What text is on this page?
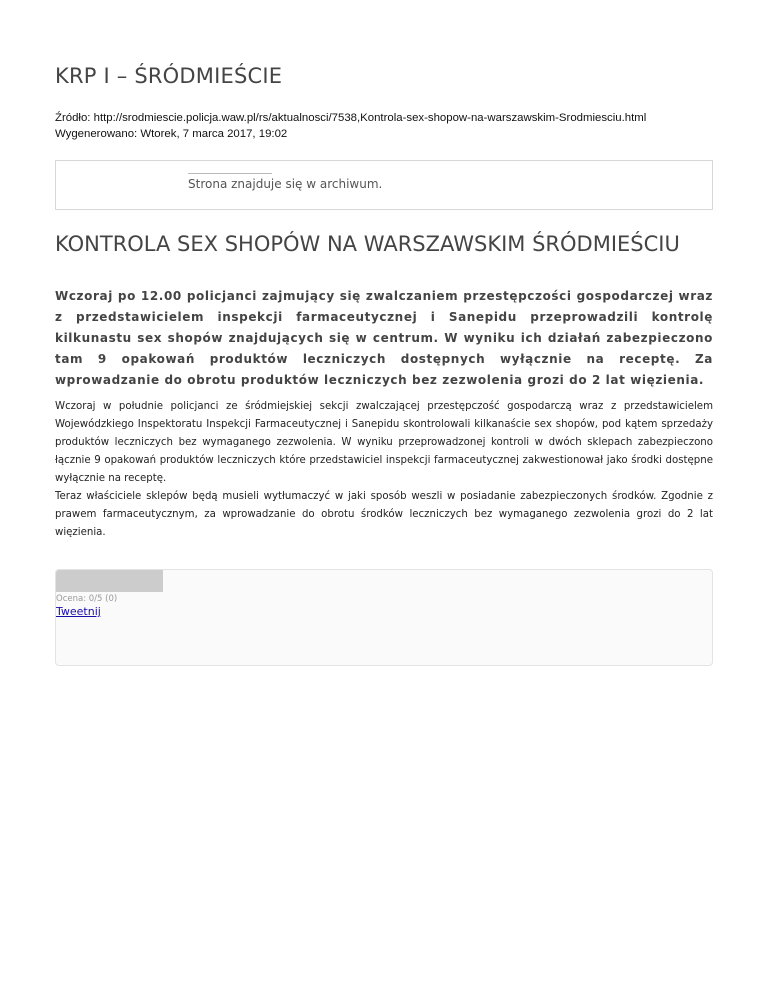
KRP I – ŚRÓDMIEŚCIE
Źródło: http://srodmiescie.policja.waw.pl/rs/aktualnosci/7538,Kontrola-sex-shopow-na-warszawskim-Srodmiesciu.html
Wygenerowano: Wtorek, 7 marca 2017, 19:02
Strona znajduje się w archiwum.
KONTROLA SEX SHOPÓW NA WARSZAWSKIM ŚRÓDMIEŚCIU

Wczoraj po 12.00 policjanci zajmujący się zwalczaniem przestępczości gospodarczej wraz z przedstawicielem inspekcji farmaceutycznej i Sanepidu przeprowadzili kontrolę kilkunastu sex shopów znajdujących się w centrum. W wyniku ich działań zabezpieczono tam 9 opakowań produktów leczniczych dostępnych wyłącznie na receptę. Za wprowadzanie do obrotu produktów leczniczych bez zezwolenia grozi do 2 lat więzienia.

Wczoraj w południe policjanci ze śródmiejskiej sekcji zwalczającej przestępczość gospodarczą wraz z przedstawicielem Wojewódzkiego Inspektoratu Inspekcji Farmaceutycznej i Sanepidu skontrolowali kilkanaście sex shopów, pod kątem sprzedaży produktów leczniczych bez wymaganego zezwolenia. W wyniku przeprowadzonej kontroli w dwóch sklepach zabezpieczono łącznie 9 opakowań produktów leczniczych które przedstawiciel inspekcji farmaceutycznej zakwestionował jako środki dostępne wyłącznie na receptę.

Teraz właściciele sklepów będą musieli wytłumaczyć w jaki sposób weszli w posiadanie zabezpieczonych środków. Zgodnie z prawem farmaceutycznym, za wprowadzanie do obrotu środków leczniczych bez wymaganego zezwolenia grozi do 2 lat więzienia.

Ocena: 0/5 (0)
Tweetnij
